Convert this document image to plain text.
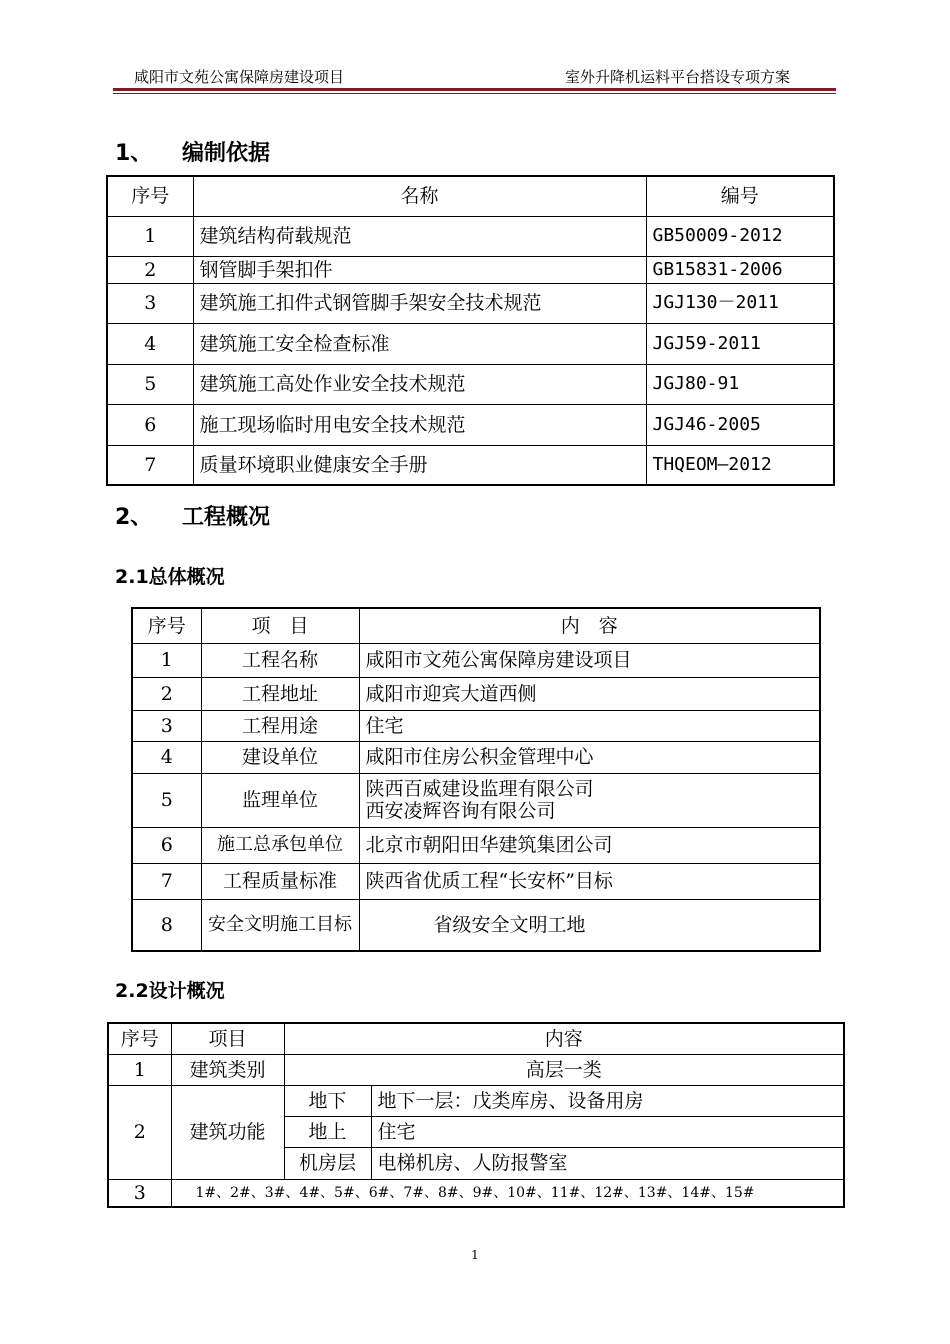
咸阳市文苑公寓保障房建设项目	室外升降机运料平台搭设专项方案
1、 编制依据
序号	名称	编号
1	建筑结构荷载规范	GB50009-2012
2	钢管脚手架扣件	GB15831-2006
3	建筑施工扣件式钢管脚手架安全技术规范	JGJ130－2011
4	建筑施工安全检查标准	JGJ59-2011
5	建筑施工高处作业安全技术规范	JGJ80-91
6	施工现场临时用电安全技术规范	JGJ46-2005
7	质量环境职业健康安全手册	THQEOM—2012
2、 工程概况
2.1总体概况
序号	项　目	内　容
1	工程名称	咸阳市文苑公寓保障房建设项目
2	工程地址	咸阳市迎宾大道西侧
3	工程用途	住宅
4	建设单位	咸阳市住房公积金管理中心
5	监理单位	陕西百威建设监理有限公司
西安凌辉咨询有限公司

6	施工总承包单位	北京市朝阳田华建筑集团公司
7	工程质量标准	陕西省优质工程“长安杯”目标
8	安全文明施工目标	省级安全文明工地
2.2设计概况
序号	项目	内容	
1	建筑类别	高层一类	
2	建筑功能	地下	地下一层：戊类库房、设备用房
		地上	住宅
		机房层	电梯机房、人防报警室
3	1#、2#、3#、4#、5#、6#、7#、8#、9#、10#、11#、12#、13#、14#、15#		
1
